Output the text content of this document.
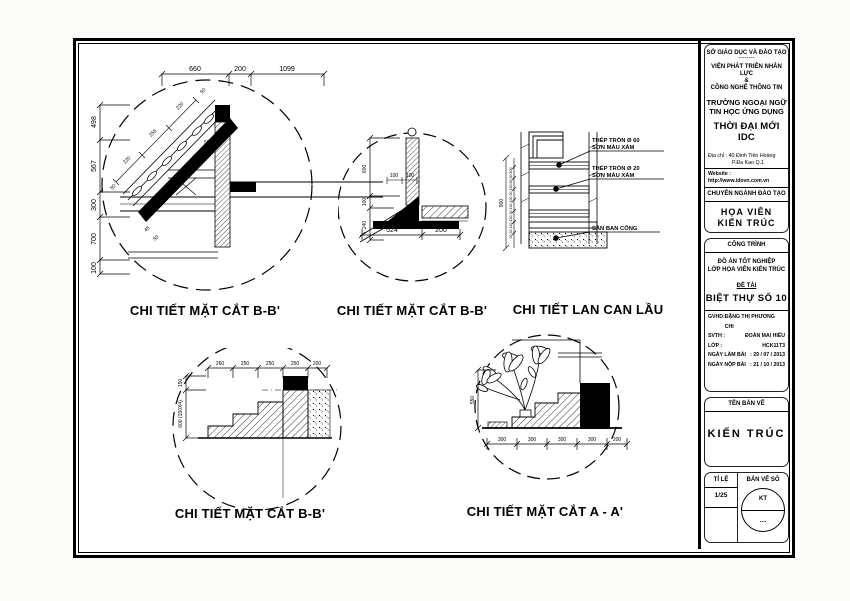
660	200	1099
498
567
300
700
100
220
255
220
50
50
45
50
53°
600
100
240
100 100
45
524	200
900 60 30 140 130 30 130 130 30 130 60 30 100
THÉP TRÒN Ø 60
SƠN MÀU XÁM
THÉP TRÒN Ø 20
SƠN MÀU XÁM
SÀN BAN CÔNG
260	250	250	250	200
150
600 (150X4)
550
300	300	300	300	200
CHI TIẾT MẶT CẮT B-B'	CHI TIẾT MẶT CẮT B-B' CHI TIẾT LAN CAN LẦU
CHI TIẾT MẶT CẮT B-B'	CHI TIẾT MẶT CẮT A - A'
SỞ GIÁO DỤC VÀ ĐÀO TẠO
--------
VIỆN PHÁT TRIỂN NHÂN LỰC
&
CÔNG NGHỆ THÔNG TIN
TRƯỜNG NGOẠI NGỮ
TIN HỌC ỨNG DỤNG
THỜI ĐẠI MỚI IDC
Địa chỉ : 40 Đinh Tiên Hoàng
P.Đa Kao Q.1
Website : http://www.idovn.com.vn
CHUYÊN NGÀNH ĐÀO TẠO
HỌA VIÊN
KIẾN TRÚC
CÔNG TRÌNH
ĐỒ ÁN TỐT NGHIỆP
LỚP HỌA VIÊN KIẾN TRÚC
ĐỀ TÀI
BIỆT THỰ SỐ 10
GVHD: ĐẶNG THỊ PHƯƠNG CHI
SVTH :	ĐOÀN MAI HIẾU
LỚP :	HCK11T3
NGÀY LÀM BÀI : 29 / 07 / 2013
NGÀY NỘP BÀI : 21 / 10 / 2013
TÊN BẢN VẼ
KIẾN TRÚC
TỈ LỆ
1/25
BẢN VẼ SỐ
KT
....
